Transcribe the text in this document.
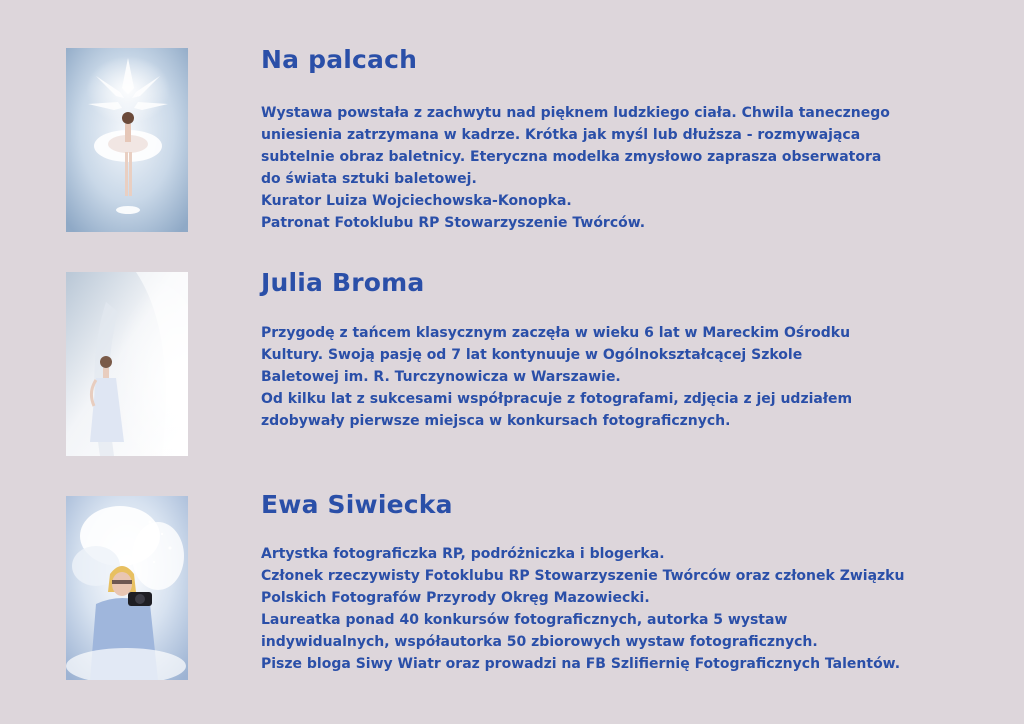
Na palcach

Wystawa powstała z zachwytu nad pięknem ludzkiego ciała. Chwila tanecznego
uniesienia zatrzymana w kadrze. Krótka jak myśl lub dłuższa - rozmywająca
subtelnie obraz baletnicy. Eteryczna modelka zmysłowo zaprasza obserwatora
do świata sztuki baletowej.
Kurator Luiza Wojciechowska-Konopka.
Patronat Fotoklubu RP Stowarzyszenie Twórców.

Julia Broma

Przygodę z tańcem klasycznym zaczęła w wieku 6 lat w Mareckim Ośrodku
Kultury. Swoją pasję od 7 lat kontynuuje w Ogólnokształcącej Szkole
Baletowej im. R. Turczynowicza w Warszawie.
Od kilku lat z sukcesami współpracuje z fotografami, zdjęcia z jej udziałem
zdobywały pierwsze miejsca w konkursach fotograficznych.

Ewa Siwiecka

Artystka fotograficzka RP, podróżniczka i blogerka.
Członek rzeczywisty Fotoklubu RP Stowarzyszenie Twórców oraz członek Związku
Polskich Fotografów Przyrody Okręg Mazowiecki.
Laureatka ponad 40 konkursów fotograficznych, autorka 5 wystaw
indywidualnych, współautorka 50 zbiorowych wystaw fotograficznych.
Pisze bloga Siwy Wiatr oraz prowadzi na FB Szlifiernię Fotograficznych Talentów.
